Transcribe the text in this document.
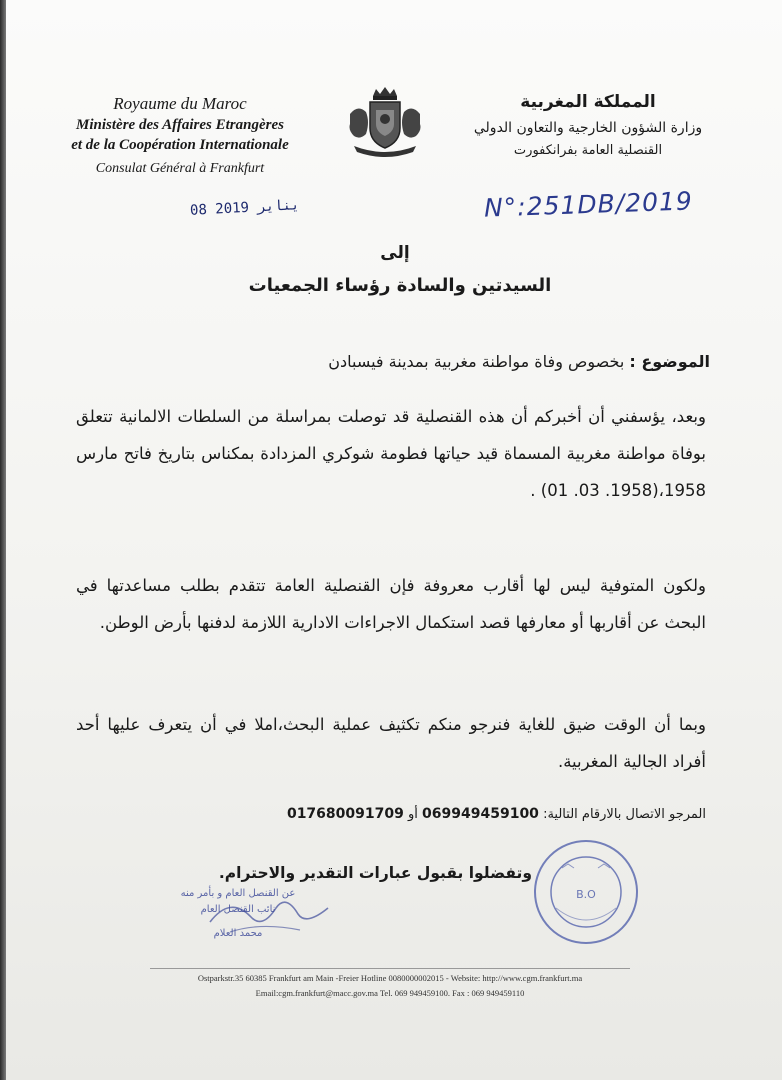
Royaume du Maroc
Ministère des Affaires Etrangères
et de la Coopération Internationale
Consulat Général à Frankfurt
المملكة المغربية
وزارة الشؤون الخارجية والتعاون الدولي
القنصلية العامة بفرانكفورت
N°:251DB/2019
08 يناير 2019
إلى
السيدتين والسادة رؤساء الجمعيات
الموضوع : بخصوص وفاة مواطنة مغربية بمدينة فيسبادن
وبعد، يؤسفني أن أخبركم أن هذه القنصلية قد توصلت بمراسلة من السلطات الالمانية تتعلق بوفاة مواطنة مغربية المسماة قيد حياتها فطومة شوكري المزدادة بمكناس بتاريخ فاتح مارس 1958،(1958. 03. 01) .
ولكون المتوفية ليس لها أقارب معروفة فإن القنصلية العامة تتقدم بطلب مساعدتها في البحث عن أقاربها أو معارفها قصد استكمال الاجراءات الادارية اللازمة لدفنها بأرض الوطن.
وبما أن الوقت ضيق للغاية فنرجو منكم تكثيف عملية البحث،املا في أن يتعرف عليها أحد أفراد الجالية المغربية.
المرجو الاتصال بالارقام التالية: 069949459100 أو 017680091709
وتفضلوا بقبول عبارات التقدير والاحترام.
عن القنصل العام و بأمر منه
نائب القنصل العام
محمد العلام
B.O
Ostparkstr.35 60385 Frankfurt am Main -Freier Hotline 0080000002015 - Website: http://www.cgm.frankfurt.ma
Email:cgm.frankfurt@macc.gov.ma Tel. 069 949459100. Fax : 069 949459110
